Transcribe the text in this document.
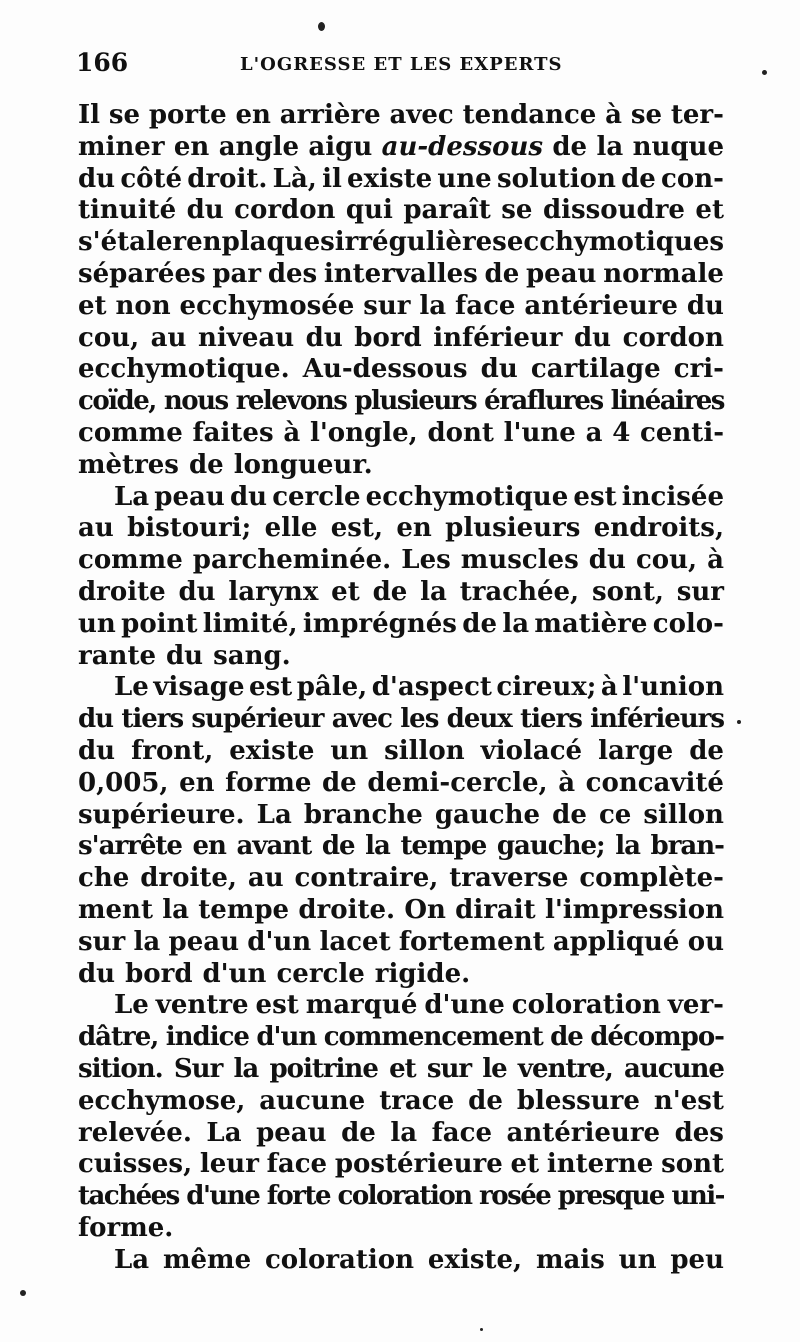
166	L'OGRESSE ET LES EXPERTS
Il se porte en arrière avec tendance à se ter-
miner en angle aigu au-dessous de la nuque
du côté droit. Là, il existe une solution de con-
tinuité du cordon qui paraît se dissoudre et
s'étaler en plaques irrégulières ecchymotiques
séparées par des intervalles de peau normale
et non ecchymosée sur la face antérieure du
cou, au niveau du bord inférieur du cordon
ecchymotique. Au-dessous du cartilage cri-
coïde, nous relevons plusieurs éraflures linéaires
comme faites à l'ongle, dont l'une a 4 centi-
mètres de longueur.
La peau du cercle ecchymotique est incisée
au bistouri; elle est, en plusieurs endroits,
comme parcheminée. Les muscles du cou, à
droite du larynx et de la trachée, sont, sur
un point limité, imprégnés de la matière colo-
rante du sang.
Le visage est pâle, d'aspect cireux; à l'union
du tiers supérieur avec les deux tiers inférieurs
du front, existe un sillon violacé large de
0,005, en forme de demi-cercle, à concavité
supérieure. La branche gauche de ce sillon
s'arrête en avant de la tempe gauche; la bran-
che droite, au contraire, traverse complète-
ment la tempe droite. On dirait l'impression
sur la peau d'un lacet fortement appliqué ou
du bord d'un cercle rigide.
Le ventre est marqué d'une coloration ver-
dâtre, indice d'un commencement de décompo-
sition. Sur la poitrine et sur le ventre, aucune
ecchymose, aucune trace de blessure n'est
relevée. La peau de la face antérieure des
cuisses, leur face postérieure et interne sont
tachées d'une forte coloration rosée presque uni-
forme.
La même coloration existe, mais un peu
